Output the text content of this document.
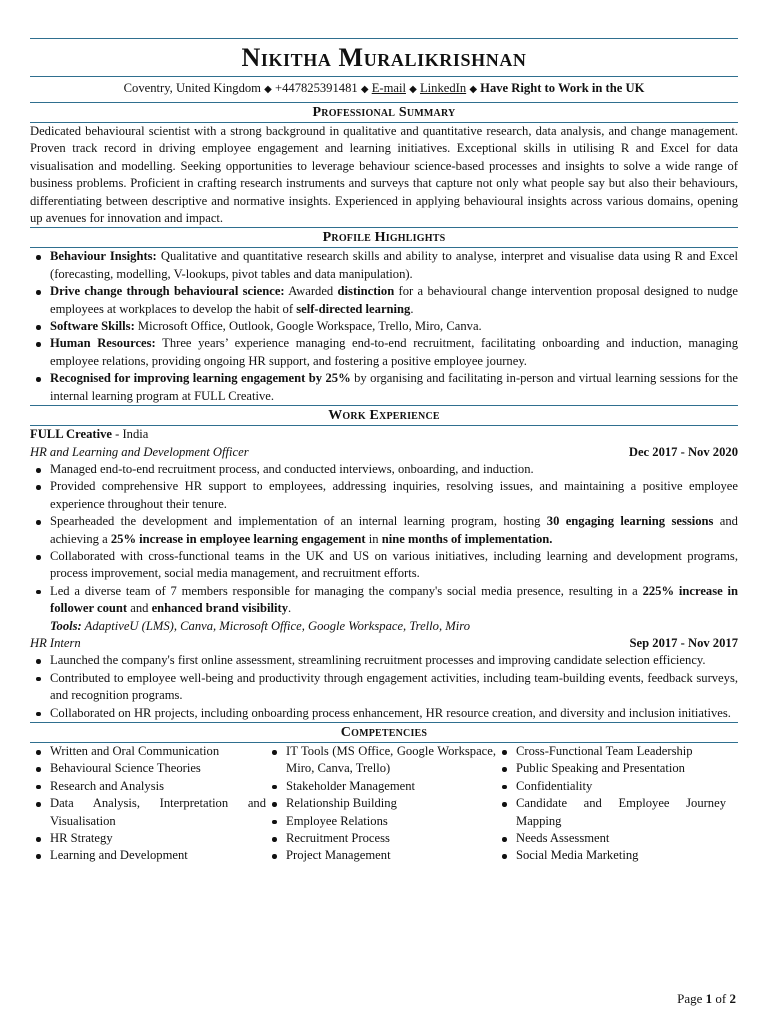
Nikitha Muralikrishnan
Coventry, United Kingdom ◆ +447825391481 ◆ E-mail ◆ LinkedIn ◆ Have Right to Work in the UK
Professional Summary

Dedicated behavioural scientist with a strong background in qualitative and quantitative research, data analysis, and change management. Proven track record in driving employee engagement and learning initiatives. Exceptional skills in utilising R and Excel for data visualisation and modelling. Seeking opportunities to leverage behaviour science-based processes and insights to solve a wide range of business problems. Proficient in crafting research instruments and surveys that capture not only what people say but also their behaviours, differentiating between descriptive and normative insights. Experienced in applying behavioural insights across various domains, opening up avenues for innovation and impact.

Profile Highlights
Behaviour Insights: Qualitative and quantitative research skills and ability to analyse, interpret and visualise data using R and Excel (forecasting, modelling, V-lookups, pivot tables and data manipulation).
Drive change through behavioural science: Awarded distinction for a behavioural change intervention proposal designed to nudge employees at workplaces to develop the habit of self-directed learning.
Software Skills: Microsoft Office, Outlook, Google Workspace, Trello, Miro, Canva.
Human Resources: Three years’ experience managing end-to-end recruitment, facilitating onboarding and induction, managing employee relations, providing ongoing HR support, and fostering a positive employee journey.
Recognised for improving learning engagement by 25% by organising and facilitating in-person and virtual learning sessions for the internal learning program at FULL Creative.
Work Experience
FULL Creative - India
HR and Learning and Development Officer	Dec 2017 - Nov 2020
Managed end-to-end recruitment process, and conducted interviews, onboarding, and induction.
Provided comprehensive HR support to employees, addressing inquiries, resolving issues, and maintaining a positive employee experience throughout their tenure.
Spearheaded the development and implementation of an internal learning program, hosting 30 engaging learning sessions and achieving a 25% increase in employee learning engagement in nine months of implementation.
Collaborated with cross-functional teams in the UK and US on various initiatives, including learning and development programs, process improvement, social media management, and recruitment efforts.
Led a diverse team of 7 members responsible for managing the company's social media presence, resulting in a 225% increase in follower count and enhanced brand visibility.
Tools: AdaptiveU (LMS), Canva, Microsoft Office, Google Workspace, Trello, Miro
HR Intern	Sep 2017 - Nov 2017
Launched the company's first online assessment, streamlining recruitment processes and improving candidate selection efficiency.
Contributed to employee well-being and productivity through engagement activities, including team-building events, feedback surveys, and recognition programs.
Collaborated on HR projects, including onboarding process enhancement, HR resource creation, and diversity and inclusion initiatives.
Competencies
Written and Oral Communication
Behavioural Science Theories
Research and Analysis
Data Analysis, Interpretation and Visualisation
HR Strategy
Learning and Development
IT Tools (MS Office, Google Workspace, Miro, Canva, Trello)
Stakeholder Management
Relationship Building
Employee Relations
Recruitment Process
Project Management
Cross-Functional Team Leadership
Public Speaking and Presentation
Confidentiality
Candidate and Employee Journey Mapping
Needs Assessment
Social Media Marketing
Page 1 of 2
